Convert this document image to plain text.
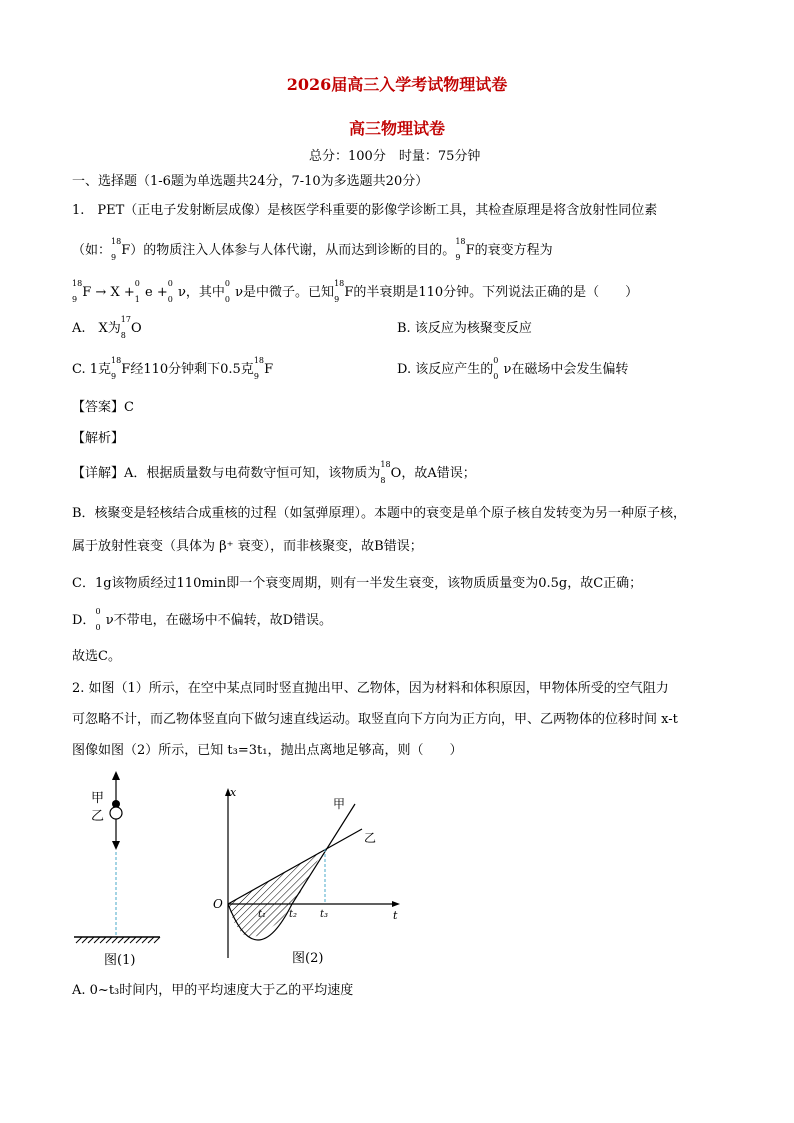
2026届高三入学考试物理试卷
高三物理试卷
总分：100分　时量：75分钟
一、选择题（1-6题为单选题共24分，7-10为多选题共20分）
1.　PET（正电子发射断层成像）是核医学科重要的影像学诊断工具，其检查原理是将含放射性同位素
（如：
18
9 F）的物质注入人体参与人体代谢，从而达到诊断的目的。
18
9 F的衰变方程为
18
9 F → X +
0
1 e +
0
0 ν，其中
0
0 ν是中微子。已知
18
9 F的半衰期是110分钟。下列说法正确的是（　　）
A.　X为
17
8 O	B. 该反应为核聚变反应
C. 1克
18
9 F经110分钟剩下0.5克
18
9 F	D. 该反应产生的
0
0 ν在磁场中会发生偏转
【答案】C
【解析】
【详解】A．根据质量数与电荷数守恒可知，该物质为
18
8 O，故A错误；
B．核聚变是轻核结合成重核的过程（如氢弹原理）。本题中的衰变是单个原子核自发转变为另一种原子核，
属于放射性衰变（具体为 β⁺ 衰变），而非核聚变，故B错误；
C．1g该物质经过110min即一个衰变周期，则有一半发生衰变，该物质质量变为0.5g，故C正确；
D．
0
0 ν不带电，在磁场中不偏转，故D错误。
故选C。
2. 如图（1）所示，在空中某点同时竖直抛出甲、乙物体，因为材料和体积原因，甲物体所受的空气阻力
可忽略不计，而乙物体竖直向下做匀速直线运动。取竖直向下方向为正方向，甲、乙两物体的位移时间 x-t
图像如图（2）所示，已知 t₃=3t₁，抛出点离地足够高，则（　　）
甲
乙
图(1)
x
t
O
t₁ t₂ t₃
甲
乙
图(2)
A. 0~t₃时间内，甲的平均速度大于乙的平均速度
